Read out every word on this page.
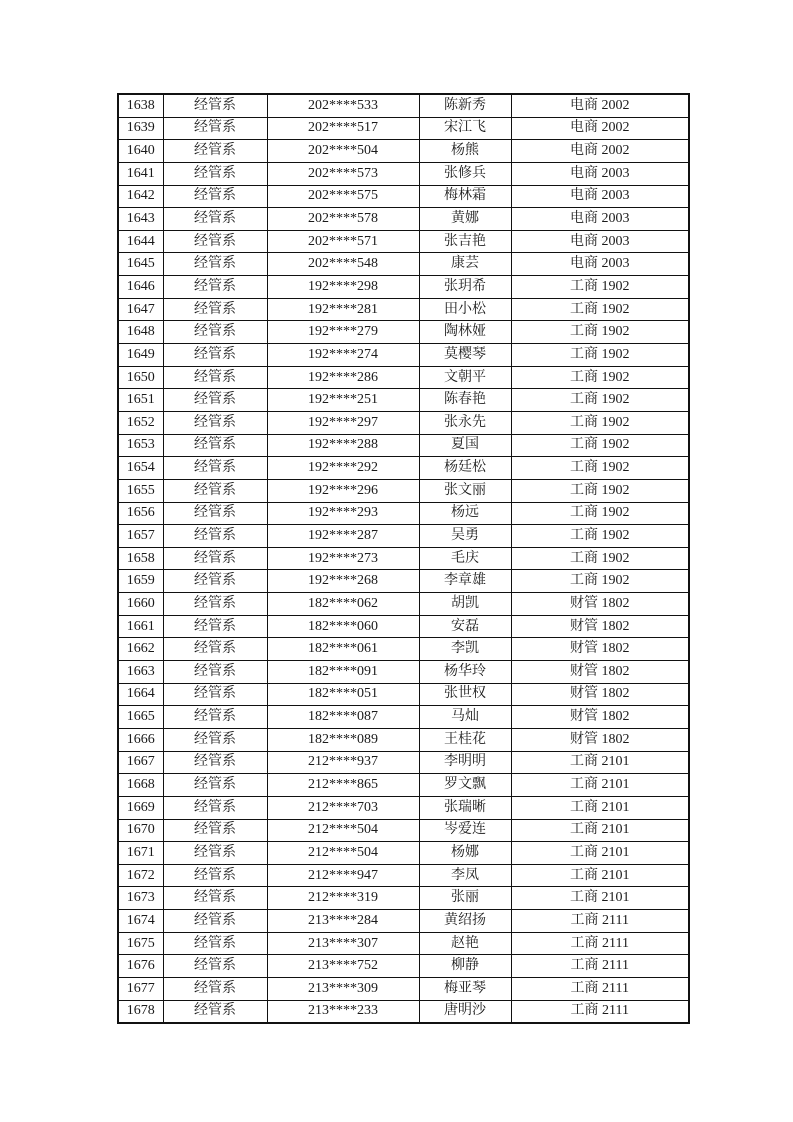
1638	经管系	202****533	陈新秀	电商 2002
1639	经管系	202****517	宋江飞	电商 2002
1640	经管系	202****504	杨熊	电商 2002
1641	经管系	202****573	张修兵	电商 2003
1642	经管系	202****575	梅林霜	电商 2003
1643	经管系	202****578	黄娜	电商 2003
1644	经管系	202****571	张吉艳	电商 2003
1645	经管系	202****548	康芸	电商 2003
1646	经管系	192****298	张玥希	工商 1902
1647	经管系	192****281	田小松	工商 1902
1648	经管系	192****279	陶林娅	工商 1902
1649	经管系	192****274	莫樱琴	工商 1902
1650	经管系	192****286	文朝平	工商 1902
1651	经管系	192****251	陈春艳	工商 1902
1652	经管系	192****297	张永先	工商 1902
1653	经管系	192****288	夏国	工商 1902
1654	经管系	192****292	杨廷松	工商 1902
1655	经管系	192****296	张文丽	工商 1902
1656	经管系	192****293	杨远	工商 1902
1657	经管系	192****287	吴勇	工商 1902
1658	经管系	192****273	毛庆	工商 1902
1659	经管系	192****268	李章雄	工商 1902
1660	经管系	182****062	胡凯	财管 1802
1661	经管系	182****060	安磊	财管 1802
1662	经管系	182****061	李凯	财管 1802
1663	经管系	182****091	杨华玲	财管 1802
1664	经管系	182****051	张世权	财管 1802
1665	经管系	182****087	马灿	财管 1802
1666	经管系	182****089	王桂花	财管 1802
1667	经管系	212****937	李明明	工商 2101
1668	经管系	212****865	罗文飘	工商 2101
1669	经管系	212****703	张瑞晰	工商 2101
1670	经管系	212****504	岑爱连	工商 2101
1671	经管系	212****504	杨娜	工商 2101
1672	经管系	212****947	李凤	工商 2101
1673	经管系	212****319	张丽	工商 2101
1674	经管系	213****284	黄绍扬	工商 2111
1675	经管系	213****307	赵艳	工商 2111
1676	经管系	213****752	柳静	工商 2111
1677	经管系	213****309	梅亚琴	工商 2111
1678	经管系	213****233	唐明沙	工商 2111
